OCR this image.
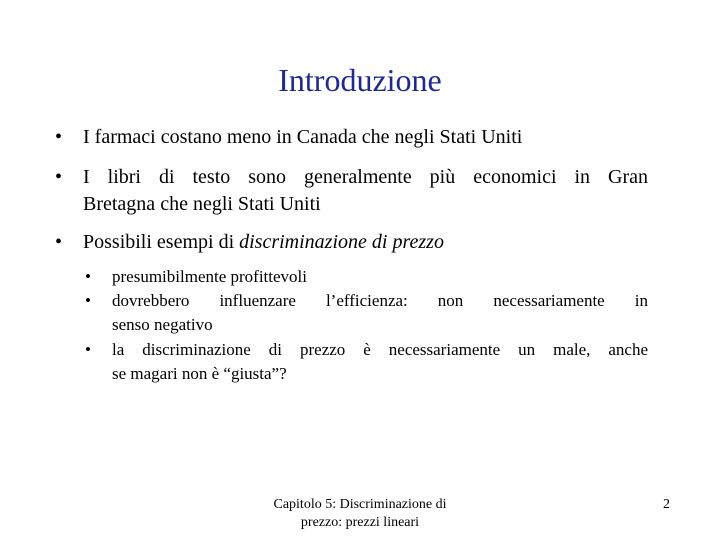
Introduzione
• I farmaci costano meno in Canada che negli Stati Uniti
• I libri di testo sono generalmente più economici in Gran
Bretagna che negli Stati Uniti
• Possibili esempi di discriminazione di prezzo
• presumibilmente profittevoli
• dovrebbero influenzare l’efficienza: non necessariamente in
senso negativo
• la discriminazione di prezzo è necessariamente un male, anche
se magari non è “giusta”?
Capitolo 5: Discriminazione di
prezzo: prezzi lineari
2
